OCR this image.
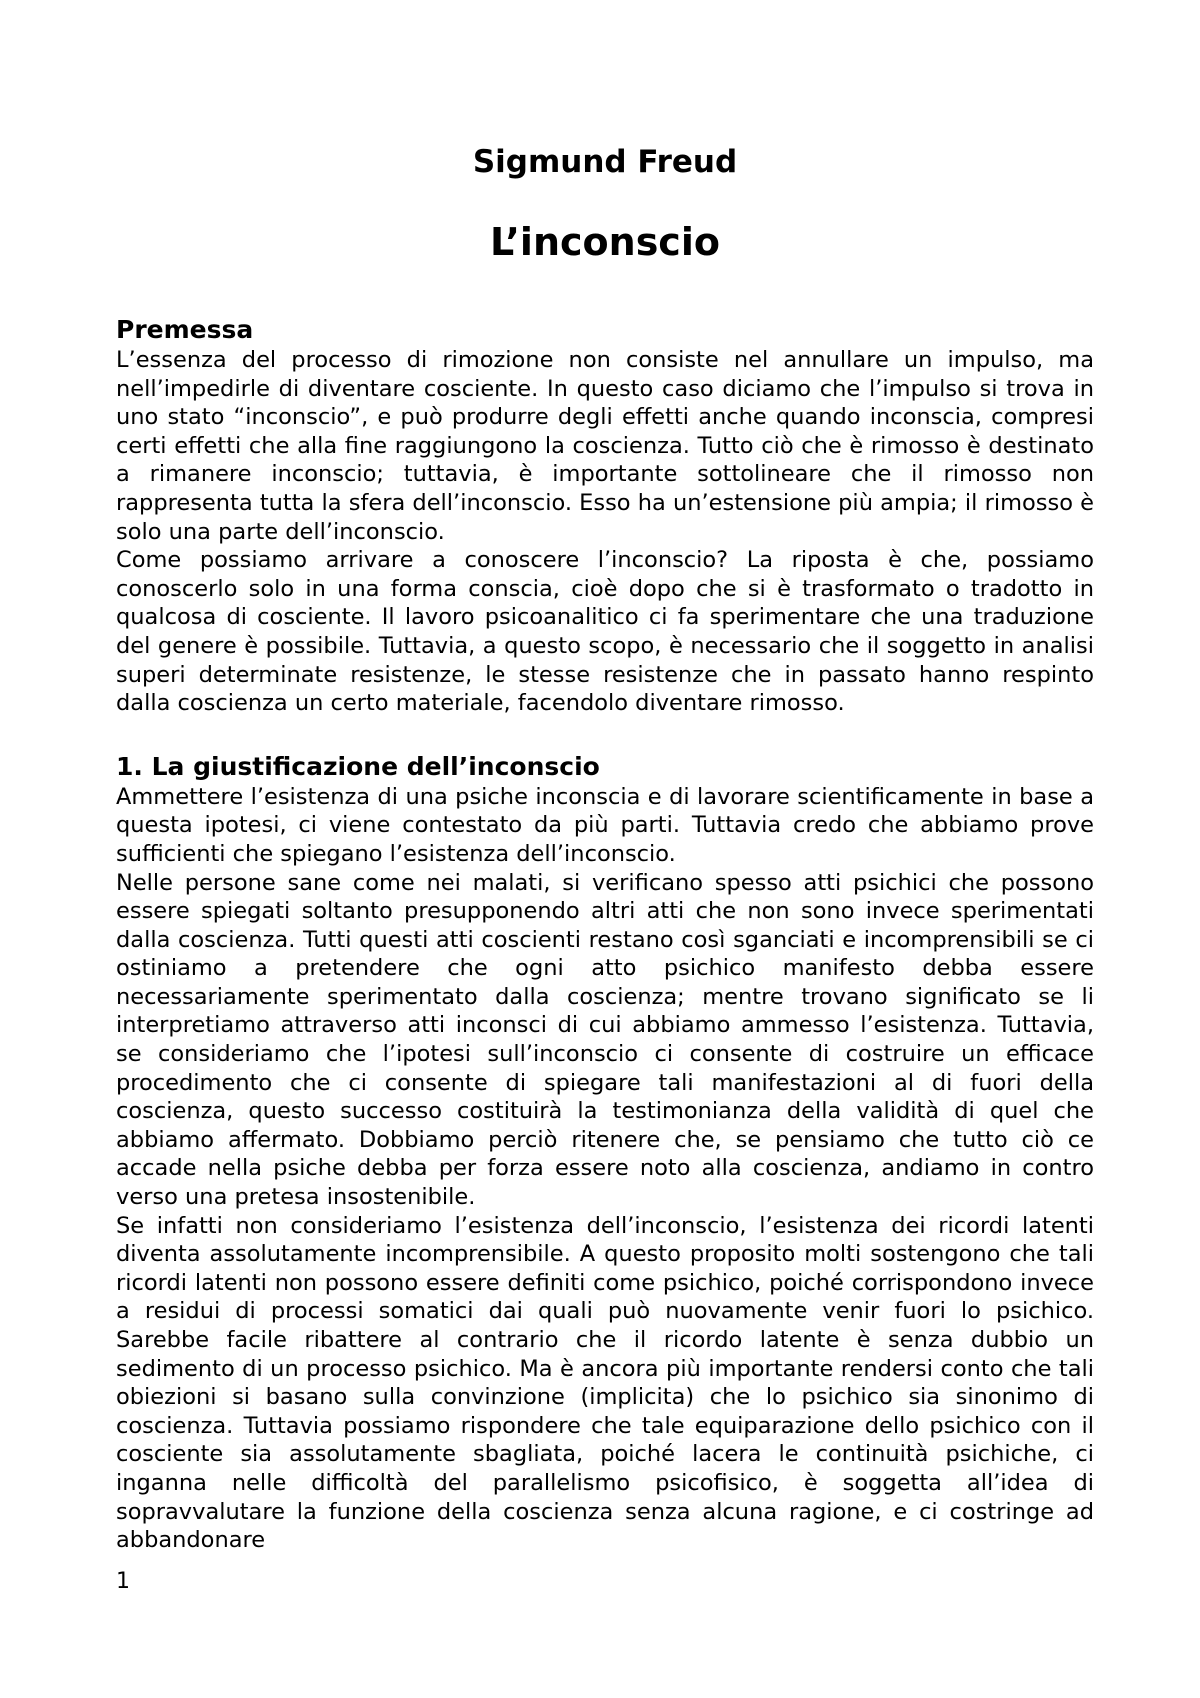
Sigmund Freud
L’inconscio
Premessa

L’essenza del processo di rimozione non consiste nel annullare un impulso, ma nell’impedirle di diventare cosciente. In questo caso diciamo che l’impulso si trova in uno stato “inconscio”, e può produrre degli effetti anche quando inconscia, compresi certi effetti che alla fine raggiungono la coscienza. Tutto ciò che è rimosso è destinato a rimanere inconscio; tuttavia, è importante sottolineare che il rimosso non rappresenta tutta la sfera dell’inconscio. Esso ha un’estensione più ampia; il rimosso è solo una parte dell’inconscio.

Come possiamo arrivare a conoscere l’inconscio? La riposta è che, possiamo conoscerlo solo in una forma conscia, cioè dopo che si è trasformato o tradotto in qualcosa di cosciente. Il lavoro psicoanalitico ci fa sperimentare che una traduzione del genere è possibile. Tuttavia, a questo scopo, è necessario che il soggetto in analisi superi determinate resistenze, le stesse resistenze che in passato hanno respinto dalla coscienza un certo materiale, facendolo diventare rimosso.

1. La giustificazione dell’inconscio

Ammettere l’esistenza di una psiche inconscia e di lavorare scientificamente in base a questa ipotesi, ci viene contestato da più parti. Tuttavia credo che abbiamo prove sufficienti che spiegano l’esistenza dell’inconscio.

Nelle persone sane come nei malati, si verificano spesso atti psichici che possono essere spiegati soltanto presupponendo altri atti che non sono invece sperimentati dalla coscienza. Tutti questi atti coscienti restano così sganciati e incomprensibili se ci ostiniamo a pretendere che ogni atto psichico manifesto debba essere necessariamente sperimentato dalla coscienza; mentre trovano significato se li interpretiamo attraverso atti inconsci di cui abbiamo ammesso l’esistenza. Tuttavia, se consideriamo che l’ipotesi sull’inconscio ci consente di costruire un efficace procedimento che ci consente di spiegare tali manifestazioni al di fuori della coscienza, questo successo costituirà la testimonianza della validità di quel che abbiamo affermato. Dobbiamo perciò ritenere che, se pensiamo che tutto ciò ce accade nella psiche debba per forza essere noto alla coscienza, andiamo in contro verso una pretesa insostenibile.

Se infatti non consideriamo l’esistenza dell’inconscio, l’esistenza dei ricordi latenti diventa assolutamente incomprensibile. A questo proposito molti sostengono che tali ricordi latenti non possono essere definiti come psichico, poiché corrispondono invece a residui di processi somatici dai quali può nuovamente venir fuori lo psichico. Sarebbe facile ribattere al contrario che il ricordo latente è senza dubbio un sedimento di un processo psichico. Ma è ancora più importante rendersi conto che tali obiezioni si basano sulla convinzione (implicita) che lo psichico sia sinonimo di coscienza. Tuttavia possiamo rispondere che tale equiparazione dello psichico con il cosciente sia assolutamente sbagliata, poiché lacera le continuità psichiche, ci inganna nelle difficoltà del parallelismo psicofisico, è soggetta all’idea di sopravvalutare la funzione della coscienza senza alcuna ragione, e ci costringe ad abbandonare

1
